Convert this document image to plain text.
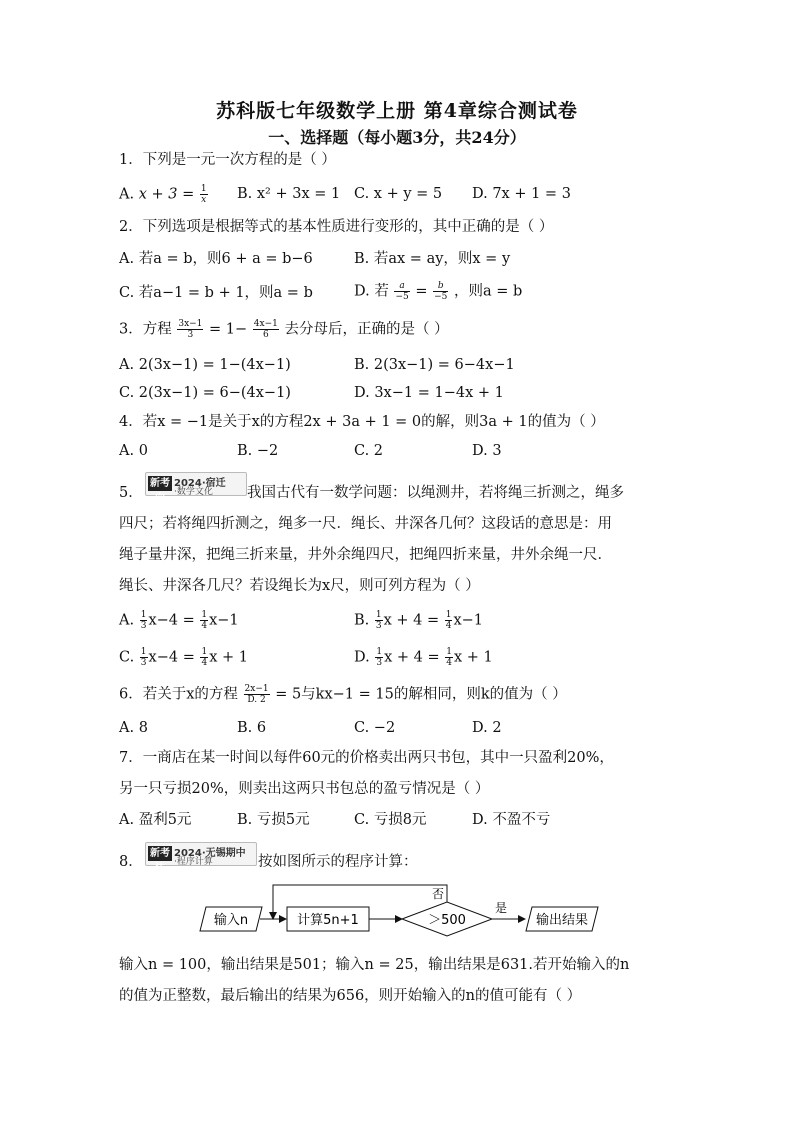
苏科版七年级数学上册 第4章综合测试卷
一、选择题（每小题3分，共24分）
1．下列是一元一次方程的是（ ）
A. $x + 3 = \frac{1}{x} B$. x² + 3x = 1 C. x + y = 5 D. 7x + 1 = 3
2．下列选项是根据等式的基本性质进行变形的，其中正确的是（ ）
A. 若a = b，则6 + a = b−6	B. 若ax = ay，则x = y
C. 若a−1 = b + 1，则a = b	D. 若 $\frac{a}{-5} = \frac{b}{-5}$ ，则a = b
3．方程 $\frac{3x-1}{3} = 1- \frac{4x-1}{6}$ 去分母后，正确的是（ ）
A. 2(3x−1) = 1−(4x−1)	B. 2(3x−1) = 6−4x−1
C. 2(3x−1) = 6−(4x−1)	D. 3x−1 = 1−4x + 1
4．若x = −1是关于x的方程2x + 3a + 1 = 0的解，则3a + 1的值为（ ）
A. 0	B. −2	C. 2	D. 3
5．
新考向
2024·宿迁
·数学文化 我国古代有一数学问题：以绳测井，若将绳三折测之，绳多
四尺；若将绳四折测之，绳多一尺．绳长、井深各几何？这段话的意思是：用
绳子量井深，把绳三折来量，井外余绳四尺，把绳四折来量，井外余绳一尺．
绳长、井深各几尺？若设绳长为x尺，则可列方程为（ ）
A. $\frac{1}{3} x-4 = \frac{1}{4} x-1$	B. $\frac{1}{3}$ $x + 4 = \frac{1}{4} x-1$
C. $\frac{1}{3} x-4 = \frac{1}{4}$ x + 1	D. $\frac{1}{3}$ $x + 4 = \frac{1}{4}$ x + 1
6．若关于x的方程 $\frac{2x-1}{D. 2} = 5$与kx−1 = 15的解相同，则k的值为（ ）
A. 8	B. 6	C. −2	D. 2
7．一商店在某一时间以每件60元的价格卖出两只书包，其中一只盈利20%，
另一只亏损20%，则卖出这两只书包总的盈亏情况是（ ）
A. 盈利5元	B. 亏损5元	C. 亏损8元	D. 不盈不亏
8．
新考法
2024·无锡期中
·程序计算	按如图所示的程序计算：
输入n	计算5n+1	＞500
否
是
输出结果
输入n = 100，输出结果是501；输入n = 25，输出结果是631.若开始输入的n
的值为正整数，最后输出的结果为656，则开始输入的n的值可能有（ ）
